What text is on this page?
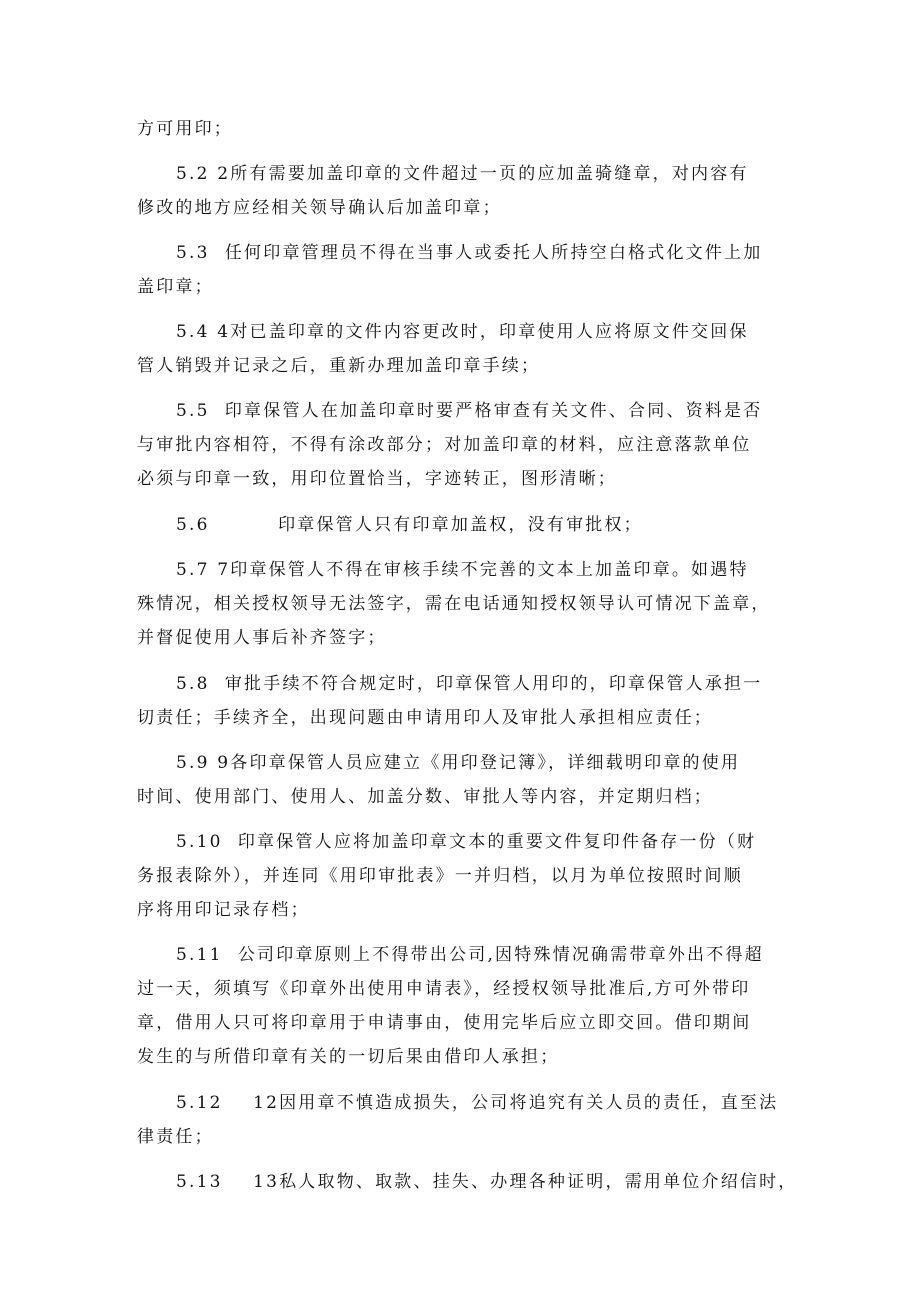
方可用印；
5.2 2所有需要加盖印章的文件超过一页的应加盖骑缝章，对内容有
修改的地方应经相关领导确认后加盖印章；
5.3  任何印章管理员不得在当事人或委托人所持空白格式化文件上加
盖印章；
5.4 4对已盖印章的文件内容更改时，印章使用人应将原文件交回保
管人销毁并记录之后，重新办理加盖印章手续；
5.5  印章保管人在加盖印章时要严格审查有关文件、合同、资料是否
与审批内容相符，不得有涂改部分；对加盖印章的材料，应注意落款单位
必须与印章一致，用印位置恰当，字迹转正，图形清晰；
5.6         印章保管人只有印章加盖权，没有审批权；
5.7 7印章保管人不得在审核手续不完善的文本上加盖印章。如遇特
殊情况，相关授权领导无法签字，需在电话通知授权领导认可情况下盖章，
并督促使用人事后补齐签字；
5.8  审批手续不符合规定时，印章保管人用印的，印章保管人承担一
切责任；手续齐全，出现问题由申请用印人及审批人承担相应责任；
5.9 9各印章保管人员应建立《用印登记簿》，详细载明印章的使用
时间、使用部门、使用人、加盖分数、审批人等内容，并定期归档；
5.10  印章保管人应将加盖印章文本的重要文件复印件备存一份（财
务报表除外），并连同《用印审批表》一并归档，以月为单位按照时间顺
序将用印记录存档；
5.11  公司印章原则上不得带出公司,因特殊情况确需带章外出不得超
过一天，须填写《印章外出使用申请表》，经授权领导批准后,方可外带印
章，借用人只可将印章用于申请事由，使用完毕后应立即交回。借印期间
发生的与所借印章有关的一切后果由借印人承担；
5.12    12因用章不慎造成损失，公司将追究有关人员的责任，直至法
律责任；
5.13    13私人取物、取款、挂失、办理各种证明，需用单位介绍信时，
